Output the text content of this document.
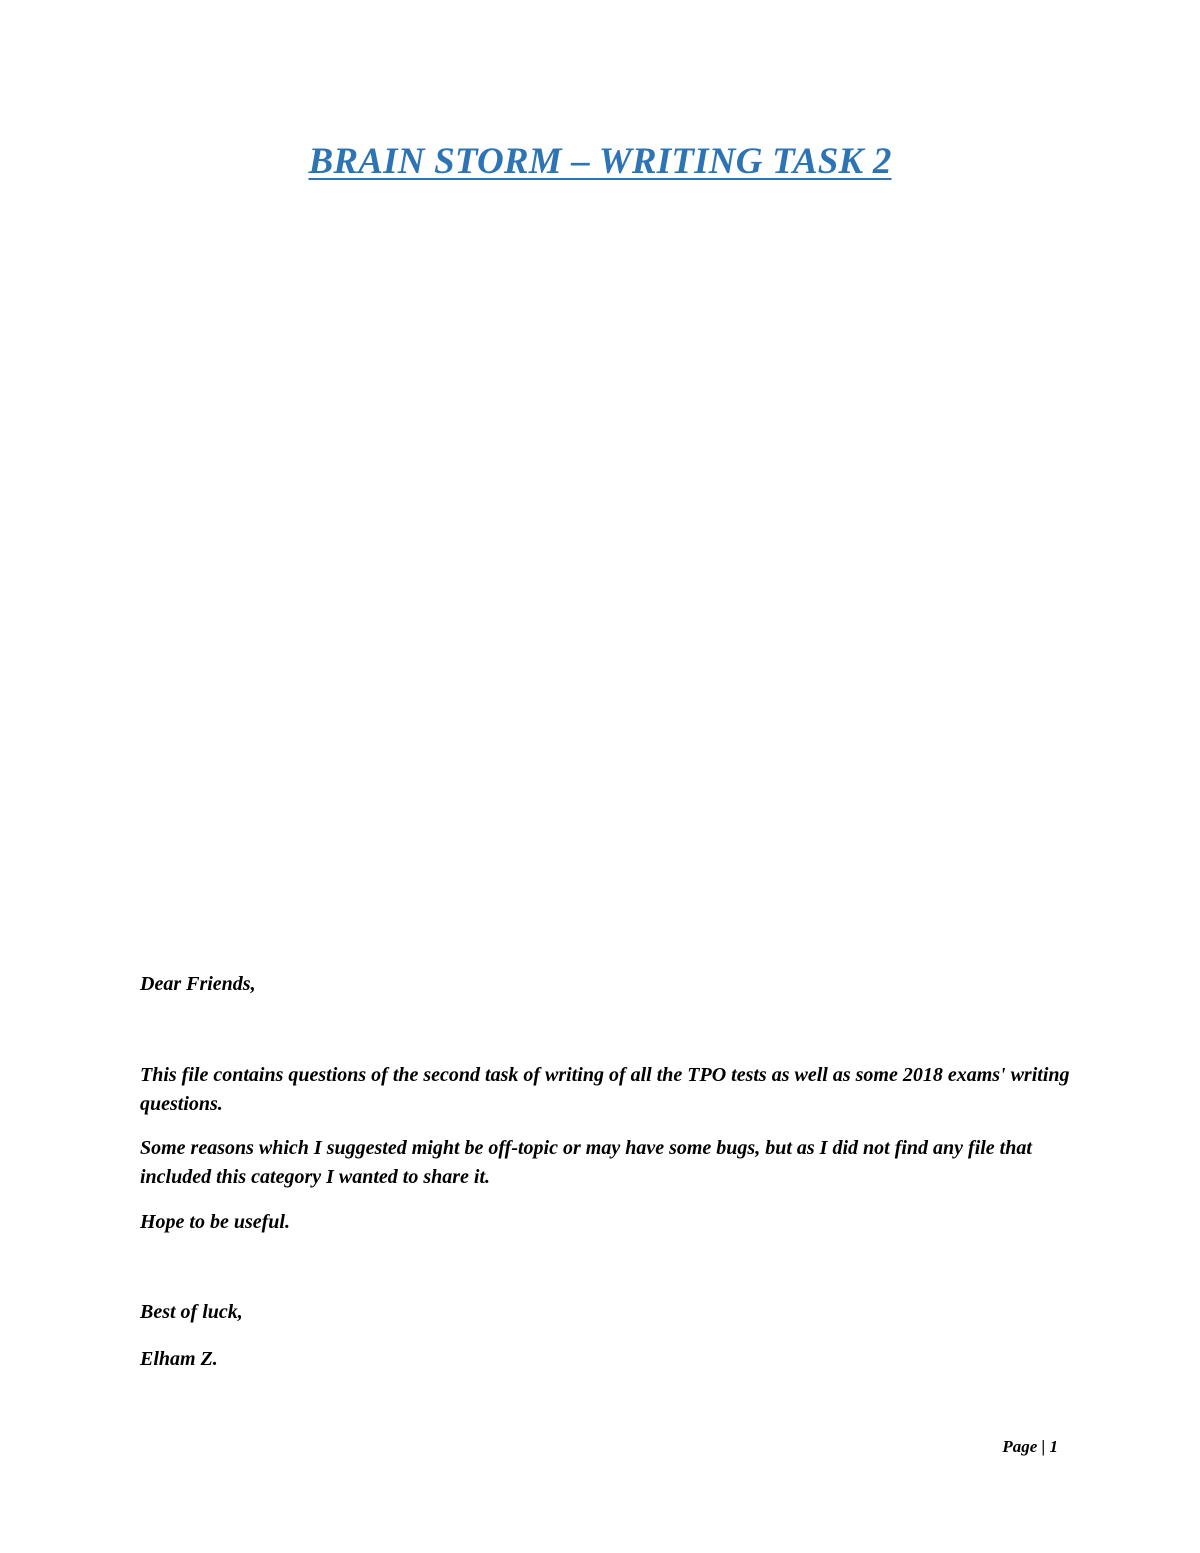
BRAIN STORM – WRITING TASK 2

Dear Friends,

This file contains questions of the second task of writing of all the TPO tests as well as some 2018 exams' writing questions.

Some reasons which I suggested might be off-topic or may have some bugs, but as I did not find any file that included this category I wanted to share it.

Hope to be useful.

Best of luck,

Elham Z.

Page | 1
